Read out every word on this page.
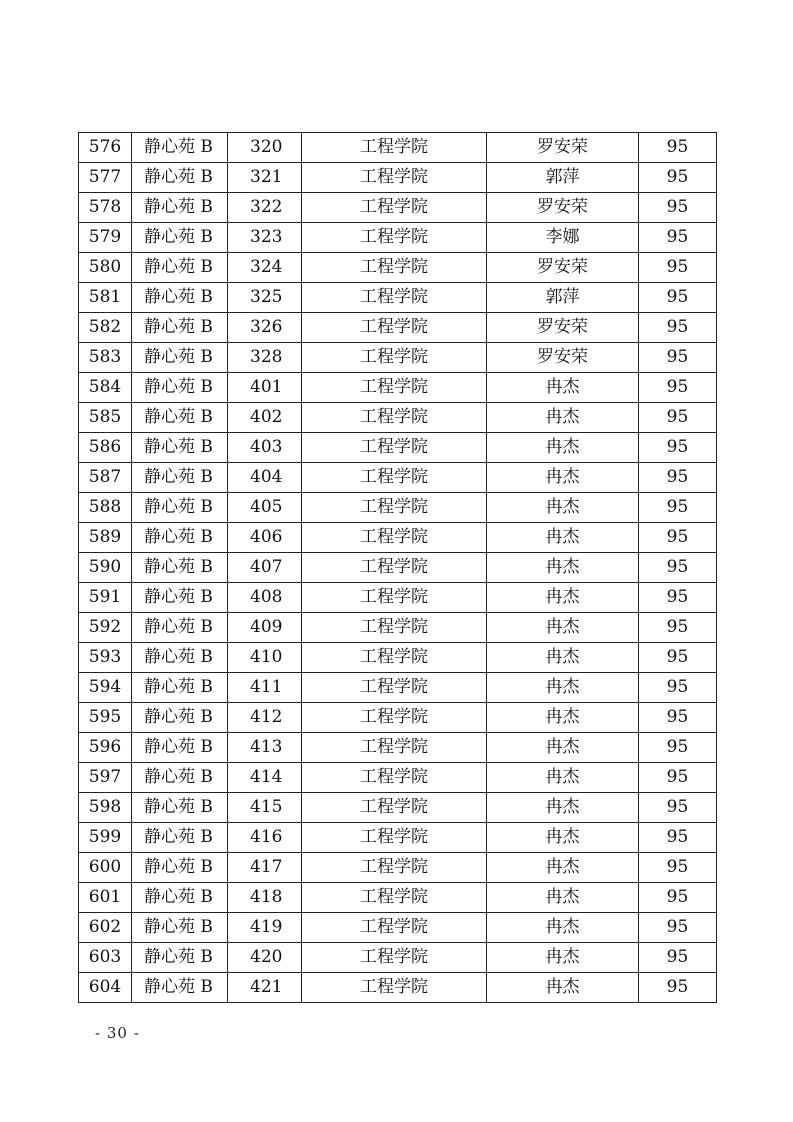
576	静心苑 B	320	工程学院	罗安荣	95
577	静心苑 B	321	工程学院	郭萍	95
578	静心苑 B	322	工程学院	罗安荣	95
579	静心苑 B	323	工程学院	李娜	95
580	静心苑 B	324	工程学院	罗安荣	95
581	静心苑 B	325	工程学院	郭萍	95
582	静心苑 B	326	工程学院	罗安荣	95
583	静心苑 B	328	工程学院	罗安荣	95
584	静心苑 B	401	工程学院	冉杰	95
585	静心苑 B	402	工程学院	冉杰	95
586	静心苑 B	403	工程学院	冉杰	95
587	静心苑 B	404	工程学院	冉杰	95
588	静心苑 B	405	工程学院	冉杰	95
589	静心苑 B	406	工程学院	冉杰	95
590	静心苑 B	407	工程学院	冉杰	95
591	静心苑 B	408	工程学院	冉杰	95
592	静心苑 B	409	工程学院	冉杰	95
593	静心苑 B	410	工程学院	冉杰	95
594	静心苑 B	411	工程学院	冉杰	95
595	静心苑 B	412	工程学院	冉杰	95
596	静心苑 B	413	工程学院	冉杰	95
597	静心苑 B	414	工程学院	冉杰	95
598	静心苑 B	415	工程学院	冉杰	95
599	静心苑 B	416	工程学院	冉杰	95
600	静心苑 B	417	工程学院	冉杰	95
601	静心苑 B	418	工程学院	冉杰	95
602	静心苑 B	419	工程学院	冉杰	95
603	静心苑 B	420	工程学院	冉杰	95
604	静心苑 B	421	工程学院	冉杰	95
- 30 -
